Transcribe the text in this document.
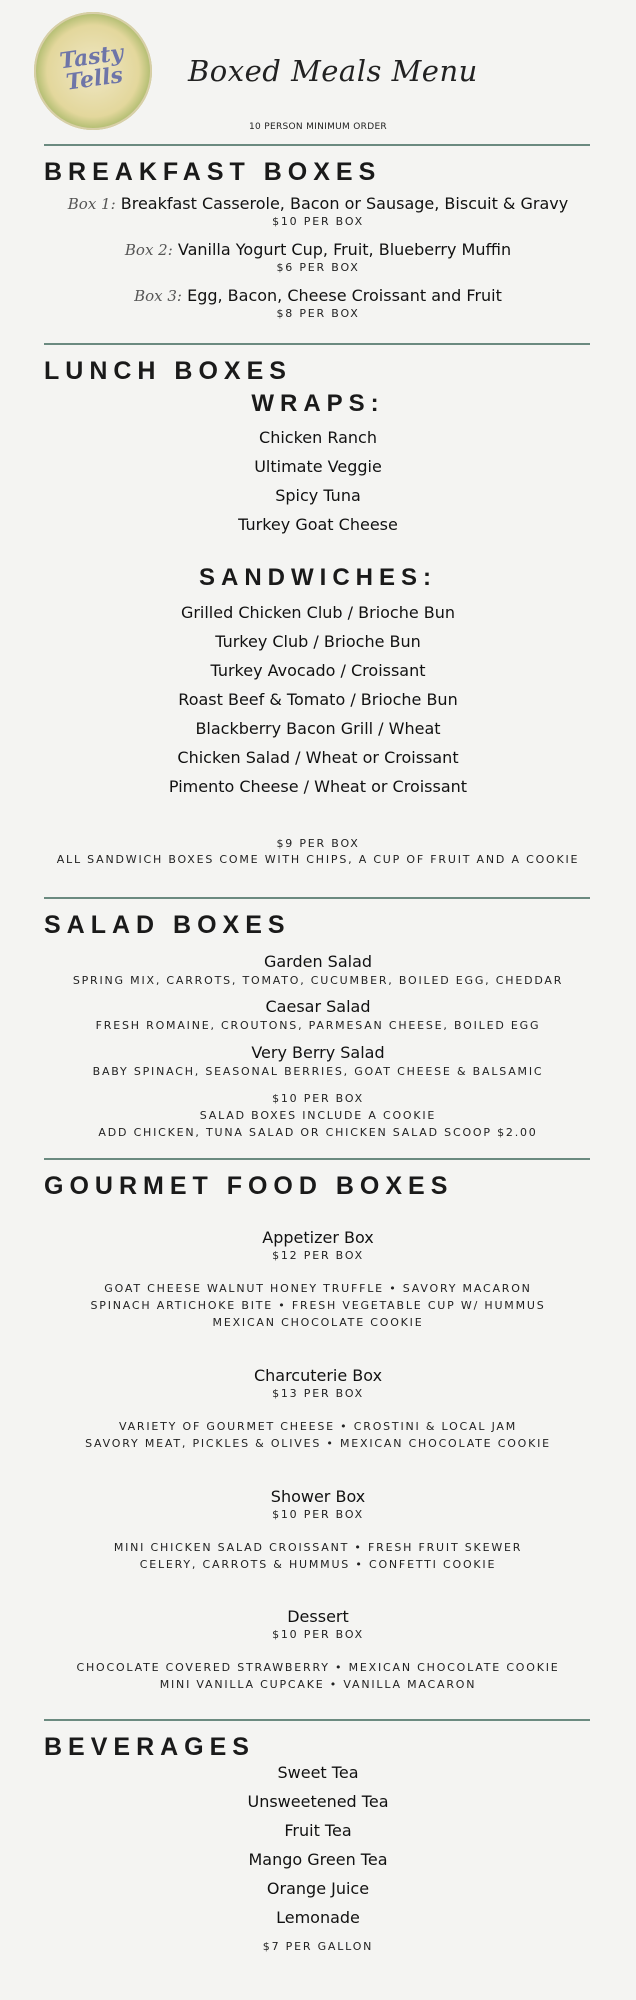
Tasty Tells	Boxed Meals Menu
10 PERSON MINIMUM ORDER
BREAKFAST BOXES
Box 1: Breakfast Casserole, Bacon or Sausage, Biscuit & Gravy
$10 PER BOX
Box 2: Vanilla Yogurt Cup, Fruit, Blueberry Muffin
$6 PER BOX
Box 3: Egg, Bacon, Cheese Croissant and Fruit
$8 PER BOX
LUNCH BOXES
WRAPS:
Chicken Ranch
Ultimate Veggie
Spicy Tuna
Turkey Goat Cheese
SANDWICHES:
Grilled Chicken Club / Brioche Bun
Turkey Club / Brioche Bun
Turkey Avocado / Croissant
Roast Beef & Tomato / Brioche Bun
Blackberry Bacon Grill / Wheat
Chicken Salad / Wheat or Croissant
Pimento Cheese / Wheat or Croissant
$9 PER BOX
ALL SANDWICH BOXES COME WITH CHIPS, A CUP OF FRUIT AND A COOKIE
SALAD BOXES
Garden Salad
SPRING MIX, CARROTS, TOMATO, CUCUMBER, BOILED EGG, CHEDDAR
Caesar Salad
FRESH ROMAINE, CROUTONS, PARMESAN CHEESE, BOILED EGG
Very Berry Salad
BABY SPINACH, SEASONAL BERRIES, GOAT CHEESE & BALSAMIC
$10 PER BOX
SALAD BOXES INCLUDE A COOKIE
ADD CHICKEN, TUNA SALAD OR CHICKEN SALAD SCOOP $2.00
GOURMET FOOD BOXES
Appetizer Box
$12 PER BOX
GOAT CHEESE WALNUT HONEY TRUFFLE • SAVORY MACARON
SPINACH ARTICHOKE BITE • FRESH VEGETABLE CUP W/ HUMMUS
MEXICAN CHOCOLATE COOKIE
Charcuterie Box
$13 PER BOX
VARIETY OF GOURMET CHEESE • CROSTINI & LOCAL JAM
SAVORY MEAT, PICKLES & OLIVES • MEXICAN CHOCOLATE COOKIE
Shower Box
$10 PER BOX
MINI CHICKEN SALAD CROISSANT • FRESH FRUIT SKEWER
CELERY, CARROTS & HUMMUS • CONFETTI COOKIE
Dessert
$10 PER BOX
CHOCOLATE COVERED STRAWBERRY • MEXICAN CHOCOLATE COOKIE
MINI VANILLA CUPCAKE • VANILLA MACARON
BEVERAGES
Sweet Tea
Unsweetened Tea
Fruit Tea
Mango Green Tea
Orange Juice
Lemonade
$7 PER GALLON
